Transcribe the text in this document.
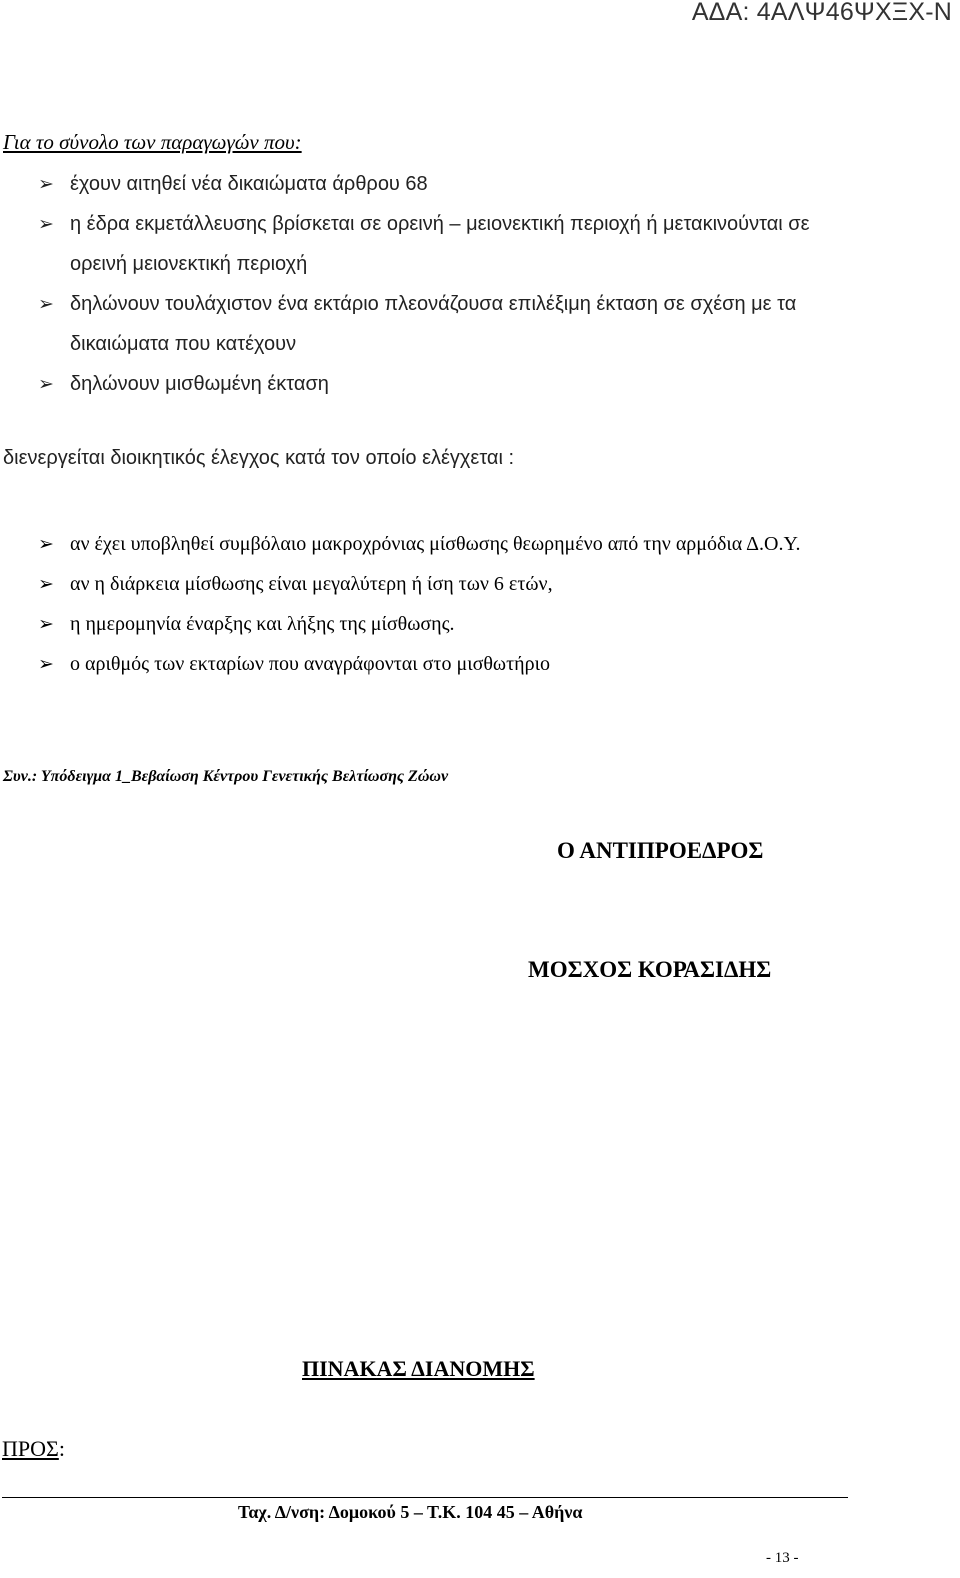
ΑΔΑ: 4ΑΛΨ46ΨΧΞΧ-Ν
Για το σύνολο των παραγωγών που:
➢ έχουν αιτηθεί νέα δικαιώματα άρθρου 68
➢ η έδρα εκμετάλλευσης βρίσκεται σε ορεινή – μειονεκτική περιοχή ή μετακινούνται σε ορεινή μειονεκτική περιοχή
➢ δηλώνουν τουλάχιστον ένα εκτάριο πλεονάζουσα επιλέξιμη έκταση σε σχέση με τα δικαιώματα που κατέχουν
➢ δηλώνουν μισθωμένη έκταση
διενεργείται διοικητικός έλεγχος κατά τον οποίο ελέγχεται :
➢ αν έχει υποβληθεί συμβόλαιο μακροχρόνιας μίσθωσης θεωρημένο από την αρμόδια Δ.Ο.Υ.
➢ αν η διάρκεια μίσθωσης είναι μεγαλύτερη ή ίση των 6 ετών,
➢ η ημερομηνία έναρξης και λήξης της μίσθωσης.
➢ ο αριθμός των εκταρίων που αναγράφονται στο μισθωτήριο
Συν.: Υπόδειγμα 1_Βεβαίωση Κέντρου Γενετικής Βελτίωσης Ζώων
Ο ΑΝΤΙΠΡΟΕΔΡΟΣ
ΜΟΣΧΟΣ ΚΟΡΑΣΙΔΗΣ
ΠΙΝΑΚΑΣ ΔΙΑΝΟΜΗΣ
ΠΡΟΣ:
Ταχ. Δ/νση: Δομοκού 5 – Τ.Κ. 104 45 – Αθήνα
- 13 -
